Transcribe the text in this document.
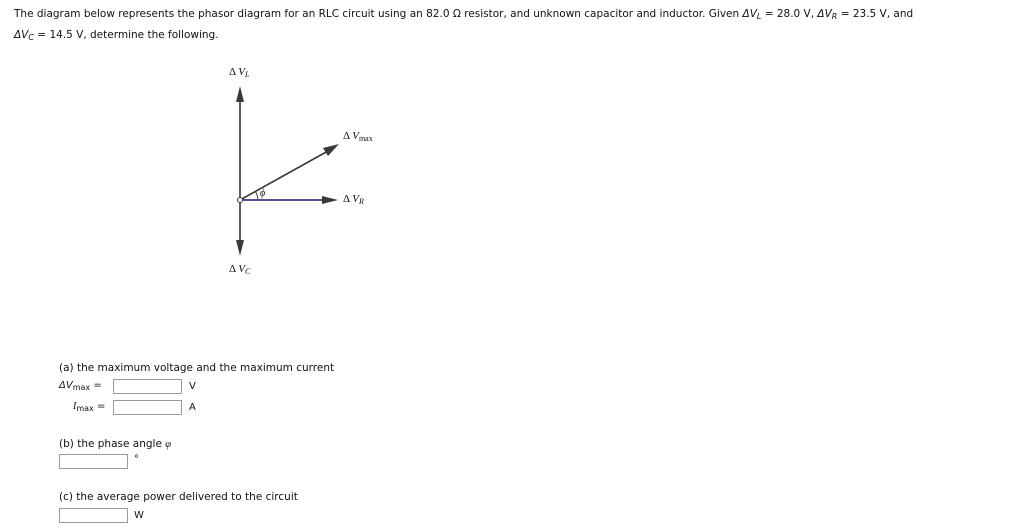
The diagram below represents the phasor diagram for an RLC circuit using an 82.0 Ω resistor, and unknown capacitor and inductor. Given $\Delta V_L = 28.0$ V, $\Delta V_R = 23.5$ V, and
$\Delta V_C = 14.5$ V, determine the following.
Δ $V_L$
Δ $V_{max}$
Δ $V_R$
Δ $V_C$
ϕ
(a) the maximum voltage and the maximum current
$\Delta V_{max}$ =	V
$I_{max}$ =	A
(b) the phase angle φ
°
(c) the average power delivered to the circuit
W
